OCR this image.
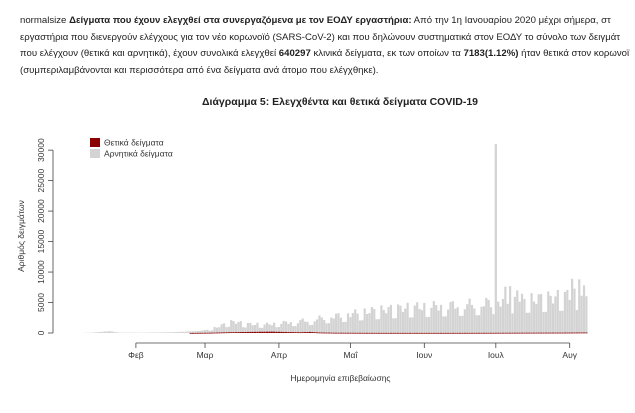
normalsize Δείγματα που έχουν ελεγχθεί στα συνεργαζόμενα με τον ΕΟΔΥ εργαστήρια: Από την 1η Ιανουαρίου 2020 μέχρι σήμερα, στ
εργαστήρια που διενεργούν ελέγχους για τον νέο κορωνοϊό (SARS-CoV-2) και που δηλώνουν συστηματικά στον ΕΟΔΥ το σύνολο των δειγμάτ
που ελέγχουν (θετικά και αρνητικά), έχουν συνολικά ελεγχθεί 640297 κλινικά δείγματα, εκ των οποίων τα 7183(1.12%) ήταν θετικά στον κορωνοϊ
(συμπεριλαμβάνονται και περισσότερα από ένα δείγματα ανά άτομο που ελέγχθηκε).
Διάγραμμα 5: Ελεγχθέντα και θετικά δείγματα COVID-19
0
5000
10000
15000
20000
25000
30000
Φεβ	Μαρ	Απρ	Μαΐ	Ιουν	Ιουλ	Αυγ
Ημερομηνία επιβεβαίωσης
Αριθμός δειγμάτων
Θετικά δείγματα
Αρνητικά δείγματα
